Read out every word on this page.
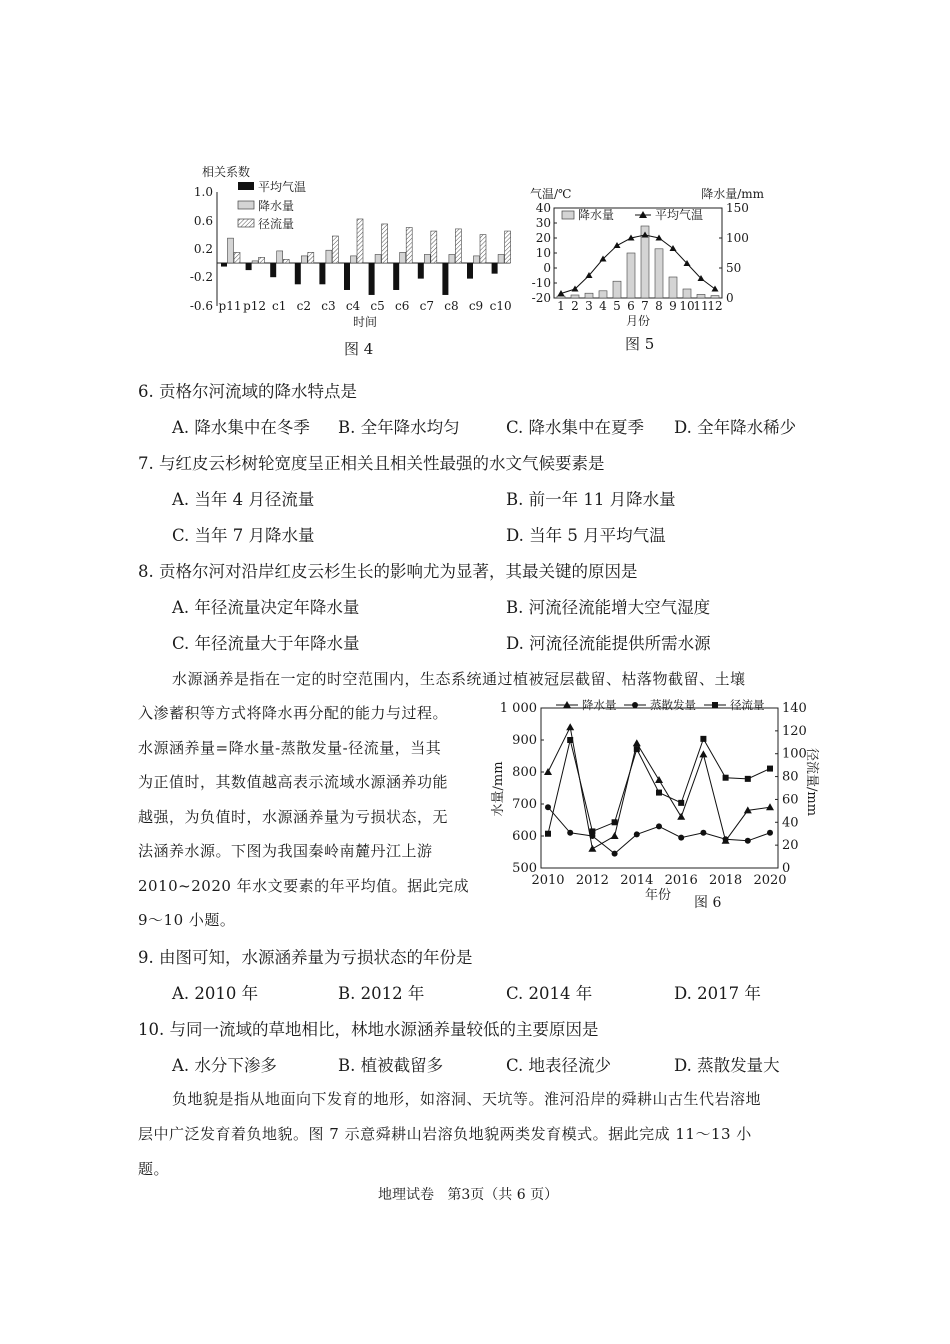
相关系数
1.0
0.6
0.2
-0.2
-0.6
平均气温
降水量
径流量
p11 p12 c1 c2 c3 c4 c5 c6 c7 c8 c9 c10
时间
图 4
气温/℃	降水量/mm
40
30
20
10
0
-10
-20
150
100
50
0
降水量	平均气温
1 2 3 4 5 6 7 8 9 10
11
12
月份
图 5
6. 贡格尔河流域的降水特点是
A. 降水集中在冬季 B. 全年降水均匀	C. 降水集中在夏季 D. 全年降水稀少
7. 与红皮云杉树轮宽度呈正相关且相关性最强的水文气候要素是
A. 当年 4 月径流量	B. 前一年 11 月降水量
C. 当年 7 月降水量	D. 当年 5 月平均气温
8. 贡格尔河对沿岸红皮云杉生长的影响尤为显著，其最关键的原因是
A. 年径流量决定年降水量	B. 河流径流能增大空气湿度
C. 年径流量大于年降水量	D. 河流径流能提供所需水源
水源涵养是指在一定的时空范围内，生态系统通过植被冠层截留、枯落物截留、土壤
入渗蓄积等方式将降水再分配的能力与过程。
水源涵养量=降水量-蒸散发量-径流量，当其
为正值时，其数值越高表示流域水源涵养功能
越强，为负值时，水源涵养量为亏损状态，无
法涵养水源。下图为我国秦岭南麓丹江上游
2010~2020 年水文要素的年平均值。据此完成
9～10 小题。
水量/mm	径流量/mm
1 000
900
800
700
600
500
140
120
100
80
60
40
20
0
2010 2012 2014 2016 2018 2020
降水量	蒸散发量	径流量
年份 图 6
9. 由图可知，水源涵养量为亏损状态的年份是
A. 2010 年	B. 2012 年	C. 2014 年	D. 2017 年
10. 与同一流域的草地相比，林地水源涵养量较低的主要原因是
A. 水分下渗多	B. 植被截留多	C. 地表径流少	D. 蒸散发量大
负地貌是指从地面向下发育的地形，如溶洞、天坑等。淮河沿岸的舜耕山古生代岩溶地
层中广泛发育着负地貌。图 7 示意舜耕山岩溶负地貌两类发育模式。据此完成 11～13 小
题。
地理试卷   第3页（共 6 页）
